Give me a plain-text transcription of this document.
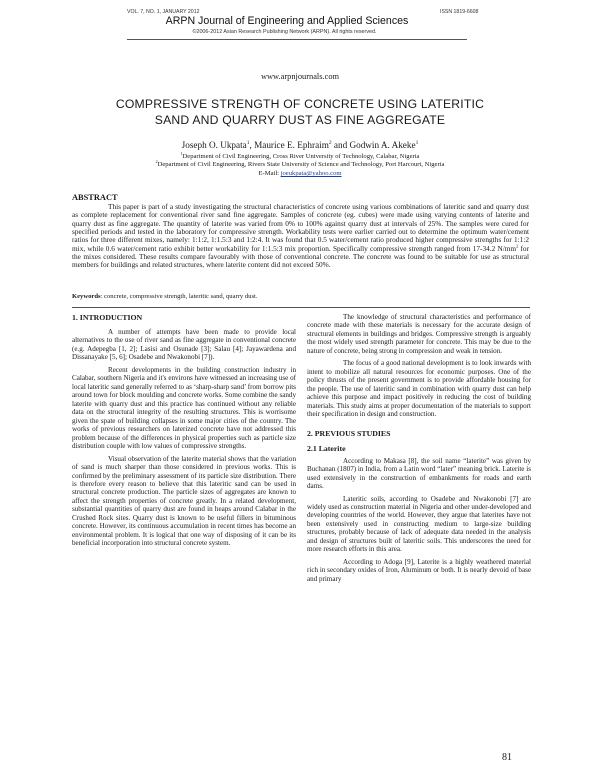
VOL. 7, NO. 1, JANUARY 2012	ISSN 1819-6608
ARPN Journal of Engineering and Applied Sciences
©2006-2012 Asian Research Publishing Network (ARPN). All rights reserved.
www.arpnjournals.com
COMPRESSIVE STRENGTH OF CONCRETE USING LATERITIC
SAND AND QUARRY DUST AS FINE AGGREGATE
Joseph O. Ukpata$^1$, Maurice E. Ephraim$^2$ and Godwin A. Akeke$^1$
$^1$Department of Civil Engineering, Cross River University of Technology, Calabar, Nigeria
$^2$Department of Civil Engineering, Rivers State University of Science and Technology, Port Harcourt, Nigeria
E-Mail: joeukpata@yahoo.com
ABSTRACT

This paper is part of a study investigating the structural characteristics of concrete using various combinations of lateritic sand and quarry dust as complete replacement for conventional river sand fine aggregate. Samples of concrete (eg. cubes) were made using varying contents of laterite and quarry dust as fine aggregate. The quantity of laterite was varied from 0% to 100% against quarry dust at intervals of 25%. The samples were cured for specified periods and tested in the laboratory for compressive strength. Workability tests were earlier carried out to determine the optimum water/cement ratios for three different mixes, namely: 1:1:2, 1:1.5:3 and 1:2:4. It was found that 0.5 water/cement ratio produced higher compressive strengths for 1:1:2 mix, while 0.6 water/cement ratio exhibit better workability for 1:1.5:3 mix proportion. Specifically compressive strength ranged from 17-34.2 $N/mm^2$ for the mixes considered. These results compare favourably with those of conventional concrete. The concrete was found to be suitable for use as structural members for buildings and related structures, where laterite content did not exceed 50%.

Keywords: concrete, compressive strength, lateritic sand, quarry dust.
1. INTRODUCTION

A number of attempts have been made to provide local alternatives to the use of river sand as fine aggregate in conventional concrete (e.g. Adepegba [1, 2]; Lasisi and Osunade [3]; Salau [4]; Jayawardena and Dissanayake [5, 6]; Osadebe and Nwakonobi [7]).

Recent developments in the building construction industry in Calabar, southern Nigeria and it's environs have witnessed an increasing use of local lateritic sand generally referred to as ‘sharp-sharp sand’ from borrow pits around town for block moulding and concrete works. Some combine the sandy laterite with quarry dust and this practice has continued without any reliable data on the structural integrity of the resulting structures. This is worrisome given the spate of building collapses in some major cities of the country. The works of previous researchers on laterized concrete have not addressed this problem because of the differences in physical properties such as particle size distribution couple with low values of compressive strengths.

Visual observation of the laterite material shows that the variation of sand is much sharper than those considered in previous works. This is confirmed by the preliminary assessment of its particle size distribution. There is therefore every reason to believe that this lateritic sand can be used in structural concrete production. The particle sizes of aggregates are known to affect the strength properties of concrete greatly. In a related development, substantial quantities of quarry dust are found in heaps around Calabar in the Crushed Rock sites. Quarry dust is known to be useful fillers in bituminous concrete. However, its continuous accumulation in recent times has become an environmental problem. It is logical that one way of disposing of it can be its beneficial incorporation into structural concrete system.

The knowledge of structural characteristics and performance of concrete made with these materials is necessary for the accurate design of structural elements in buildings and bridges. Compressive strength is arguably the most widely used strength parameter for concrete. This may be due to the nature of concrete, being strong in compression and weak in tension.

The focus of a good national development is to look inwards with intent to mobilize all natural resources for economic purposes. One of the policy thrusts of the present government is to provide affordable housing for the people. The use of lateritic sand in combination with quarry dust can help achieve this purpose and impact positively in reducing the cost of building materials. This study aims at proper documentation of the materials to support their specification in design and construction.

2. PREVIOUS STUDIES
2.1 Laterite

According to Makasa [8], the soil name “laterite” was given by Buchanan (1807) in India, from a Latin word “later” meaning brick. Laterite is used extensively in the construction of embankments for roads and earth dams.

Lateritic soils, according to Osadebe and Nwakonobi [7] are widely used as construction material in Nigeria and other under-developed and developing countries of the world. However, they argue that laterites have not been extensively used in constructing medium to large-size building structures, probably because of lack of adequate data needed in the analysis and design of structures built of lateritic soils. This underscores the need for more research efforts in this area.

According to Adoga [9], Laterite is a highly weathered material rich in secondary oxides of Iron, Aluminum or both. It is nearly devoid of base and primary

81
